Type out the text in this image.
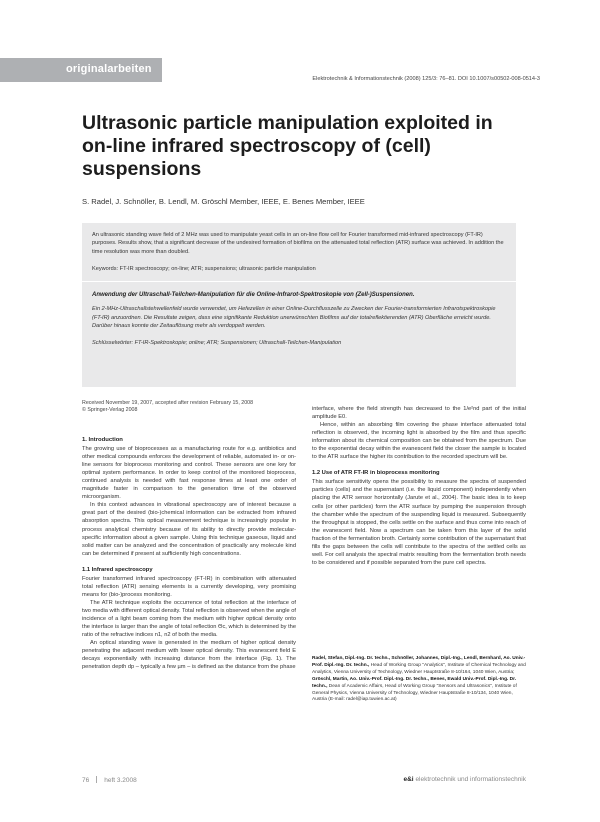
originalarbeiten
Elektrotechnik & Informationstechnik (2008) 125/3: 76–81. DOI 10.1007/s00502-008-0514-3
Ultrasonic particle manipulation exploited in on-line infrared spectroscopy of (cell) suspensions
S. Radel, J. Schnöller, B. Lendl, M. Gröschl Member, IEEE, E. Benes Member, IEEE

An ultrasonic standing wave field of 2 MHz was used to manipulate yeast cells in an on-line flow cell for Fourier transformed mid-infrared spectroscopy (FT-IR) purposes. Results show, that a significant decrease of the undesired formation of biofilms on the attenuated total reflection (ATR) surface was achieved. In addition the time resolution was more than doubled.

Keywords: FT-IR spectroscopy; on-line; ATR; suspensions; ultrasonic particle manipulation

Anwendung der Ultraschall-Teilchen-Manipulation für die Online-Infrarot-Spektroskopie von (Zell-)Suspensionen.

Ein 2-MHz-Ultraschallstehwellenfeld wurde verwendet, um Hefezellen in einer Online-Durchflusszelle zu Zwecken der Fourier-transformierten Infrarotspektroskopie (FT-IR) anzuordnen. Die Resultate zeigen, dass eine signifikante Reduktion unerwünschten Biofilms auf der totalreflektierenden (ATR) Oberfläche erreicht wurde. Darüber hinaus konnte der Zeitauflösung mehr als verdoppelt werden.

Schlüsselwörter: FT-IR-Spektroskopie; online; ATR; Suspensionen; Ultraschall-Teilchen-Manipulation

Received November 19, 2007, accepted after revision February 15, 2008
© Springer-Verlag 2008
1. Introduction

The growing use of bioprocesses as a manufacturing route for e.g. antibiotics and other medical compounds enforces the development of reliable, automated in- or on-line sensors for bioprocess monitoring and control. These sensors are one key for optimal system performance. In order to keep control of the monitored bioprocess, continued analysis is needed with fast response times at least one order of magnitude faster in comparison to the generation time of the observed microorganism.

In this context advances in vibrational spectroscopy are of interest because a great part of the desired (bio-)chemical information can be extracted from infrared absorption spectra. This optical measurement technique is increasingly popular in process analytical chemistry because of its ability to directly provide molecular-specific information about a given sample. Using this technique gaseous, liquid and solid matter can be analyzed and the concentration of practically any molecule kind can be determined if present at sufficiently high concentrations.

1.1 Infrared spectroscopy

Fourier transformed infrared spectroscopy (FT-IR) in combination with attenuated total reflection (ATR) sensing elements is a currently developing, very promising means for (bio-)process monitoring.

The ATR technique exploits the occurrence of total reflection at the interface of two media with different optical density. Total reflection is observed when the angle of incidence of a light beam coming from the medium with higher optical density onto the interface is larger than the angle of total reflection Θc, which is determined by the ratio of the refractive indices n1, n2 of both the media.

An optical standing wave is generated in the medium of higher optical density penetrating the adjacent medium with lower optical density. This evanescent field E decays exponentially with increasing distance from the interface (Fig. 1). The penetration depth dp – typically a few µm – is defined as the distance from the phase

interface, where the field strength has decreased to the 1/e²nd part of the initial amplitude E0.

Hence, within an absorbing film covering the phase interface attenuated total reflection is observed, the incoming light is absorbed by the film and thus specific information about its chemical composition can be obtained from the spectrum. Due to the exponential decay within the evanescent field the closer the sample is located to the ATR surface the higher its contribution to the recorded spectrum will be.

1.2 Use of ATR FT-IR in bioprocess monitoring

This surface sensitivity opens the possibility to measure the spectra of suspended particles (cells) and the supernatant (i.e. the liquid component) independently when placing the ATR sensor horizontally (Jarute et al., 2004). The basic idea is to keep cells (or other particles) form the ATR surface by pumping the suspension through the chamber while the spectrum of the suspending liquid is measured. Subsequently the throughput is stopped, the cells settle on the surface and thus come into reach of the evanescent field. Now a spectrum can be taken from this layer of the solid fraction of the fermentation broth. Certainly some contribution of the supernatant that fills the gaps between the cells will contribute to the spectra of the settled cells as well. For cell analysis the spectral matrix resulting from the fermentation broth needs to be considered and if possible separated from the pure cell spectra.

Radel, Stefan, Dipl.-Ing. Dr. techn., Schnöller, Johannes, Dipl.-Ing., Lendl, Bernhard, Ao. Univ.-Prof. Dipl.-Ing. Dr. techn., Head of Working Group "Analytics", Institute of Chemical Technology and Analytics, Vienna University of Technology, Wiedner Hauptstraße 8-10/164, 1040 Wien, Austria; Gröschl, Martin, Ao. Univ.-Prof. Dipl.-Ing. Dr. techn., Benes, Ewald Univ.-Prof. Dipl.-Ing. Dr. techn., Dean of Academic Affairs, Head of Working Group "Sensors and Ultrasonics", Institute of General Physics, Vienna University of Technology, Wiedner Hauptstraße 8-10/134, 1040 Wien, Austria (E-mail: radel@iap.tuwien.ac.at)
76 heft 3.2008	e&i elektrotechnik und informationstechnik
